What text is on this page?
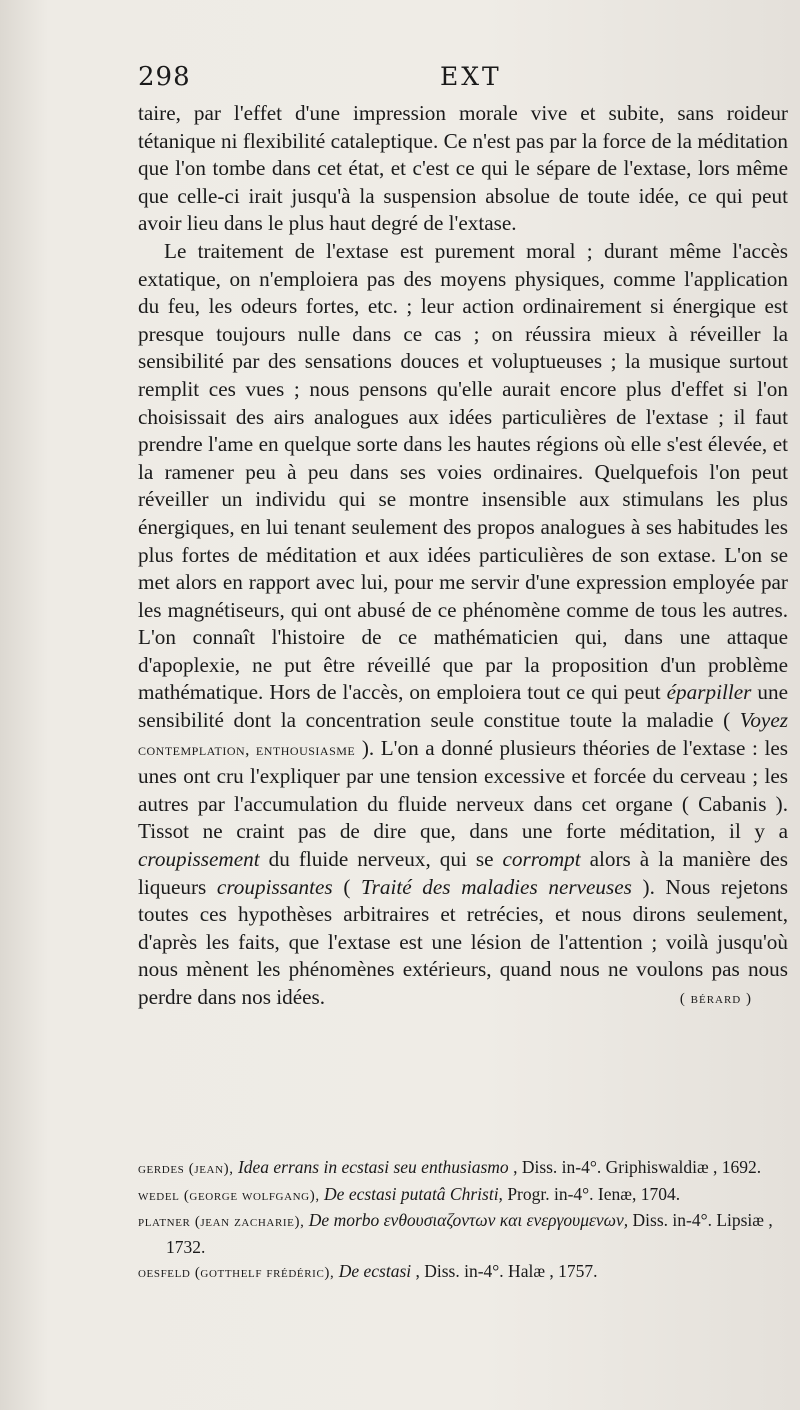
298	EXT

taire, par l'effet d'une impression morale vive et subite, sans roideur tétanique ni flexibilité cataleptique. Ce n'est pas par la force de la méditation que l'on tombe dans cet état, et c'est ce qui le sépare de l'extase, lors même que celle-ci irait jusqu'à la suspension absolue de toute idée, ce qui peut avoir lieu dans le plus haut degré de l'extase.

Le traitement de l'extase est purement moral ; durant même l'accès extatique, on n'emploiera pas des moyens physiques, comme l'application du feu, les odeurs fortes, etc. ; leur action ordinairement si énergique est presque toujours nulle dans ce cas ; on réussira mieux à réveiller la sensibilité par des sensations douces et voluptueuses ; la musique surtout remplit ces vues ; nous pensons qu'elle aurait encore plus d'effet si l'on choisissait des airs analogues aux idées particulières de l'extase ; il faut prendre l'ame en quelque sorte dans les hautes régions où elle s'est élevée, et la ramener peu à peu dans ses voies ordinaires. Quelquefois l'on peut réveiller un individu qui se montre insensible aux stimulans les plus énergiques, en lui tenant seulement des propos analogues à ses habitudes les plus fortes de méditation et aux idées particulières de son extase. L'on se met alors en rapport avec lui, pour me servir d'une expression employée par les magnétiseurs, qui ont abusé de ce phénomène comme de tous les autres. L'on connaît l'histoire de ce mathématicien qui, dans une attaque d'apoplexie, ne put être réveillé que par la proposition d'un problème mathématique. Hors de l'accès, on emploiera tout ce qui peut éparpiller une sensibilité dont la concentration seule constitue toute la maladie ( Voyez contemplation, enthousiasme ). L'on a donné plusieurs théories de l'extase : les unes ont cru l'expliquer par une tension excessive et forcée du cerveau ; les autres par l'accumulation du fluide nerveux dans cet organe ( Cabanis ). Tissot ne craint pas de dire que, dans une forte méditation, il y a croupissement du fluide nerveux, qui se corrompt alors à la manière des liqueurs croupissantes ( Traité des maladies nerveuses ). Nous rejetons toutes ces hypothèses arbitraires et retrécies, et nous dirons seulement, d'après les faits, que l'extase est une lésion de l'attention ; voilà jusqu'où nous mènent les phénomènes extérieurs, quand nous ne voulons pas nous perdre dans nos idées.	( bérard )

gerdes (jean), Idea errans in ecstasi seu enthusiasmo , Diss. in-4°. Griphiswaldiæ , 1692.

wedel (george wolfgang), De ecstasi putatâ Christi, Progr. in-4°. Ienæ, 1704.

platner (jean zacharie), De morbo ενθουσιαζοντων και ενεργουμενων, Diss. in-4°. Lipsiæ , 1732.

oesfeld (gotthelf frédéric), De ecstasi , Diss. in-4°. Halæ , 1757.
